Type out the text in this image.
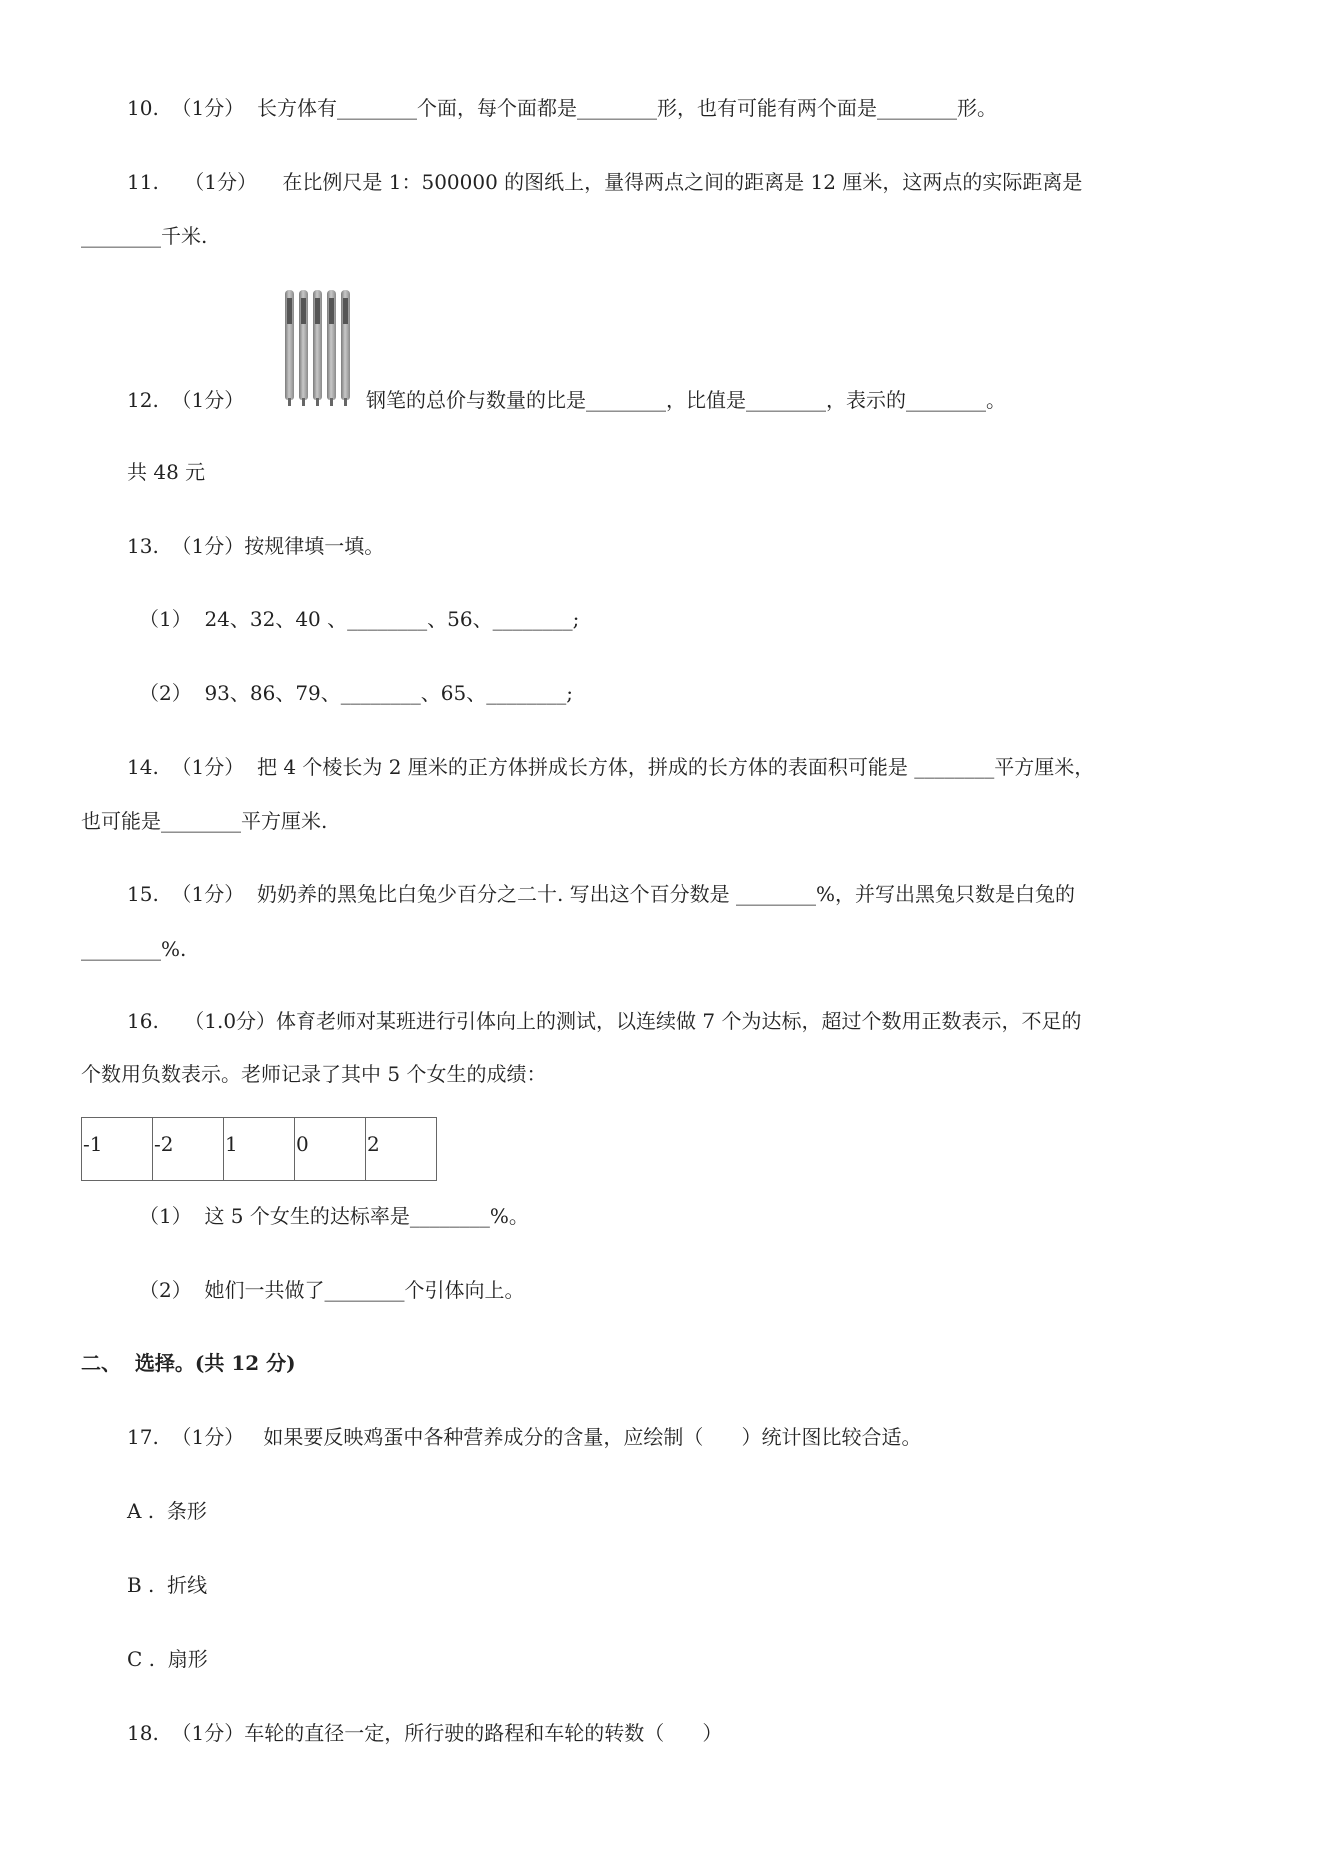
10.  （1分）  长方体有________个面，每个面都是________形，也有可能有两个面是________形。
11.    （1分）    在比例尺是 1：500000 的图纸上，量得两点之间的距离是 12 厘米，这两点的实际距离是
________千米.
12.  （1分）	钢笔的总价与数量的比是________，比值是________，表示的________。
共 48 元
13.  （1分）按规律填一填。
（1）  24、32、40 、________、56、________;
（2）  93、86、79、________、65、________;
14.  （1分）  把 4 个棱长为 2 厘米的正方体拼成长方体，拼成的长方体的表面积可能是 ________平方厘米，
也可能是________平方厘米.
15.  （1分）  奶奶养的黑兔比白兔少百分之二十. 写出这个百分数是 ________%，并写出黑兔只数是白兔的
________%.
16.    （1.0分）体育老师对某班进行引体向上的测试，以连续做 7 个为达标，超过个数用正数表示，不足的
个数用负数表示。老师记录了其中 5 个女生的成绩：
-1	-2	1	0	2
（1）  这 5 个女生的达标率是________%。
（2）  她们一共做了________个引体向上。
二、  选择。(共 12 分)
17.  （1分）   如果要反映鸡蛋中各种营养成分的含量，应绘制（      ）统计图比较合适。
A .  条形
B .  折线
C .  扇形
18.  （1分）车轮的直径一定，所行驶的路程和车轮的转数（      ）
